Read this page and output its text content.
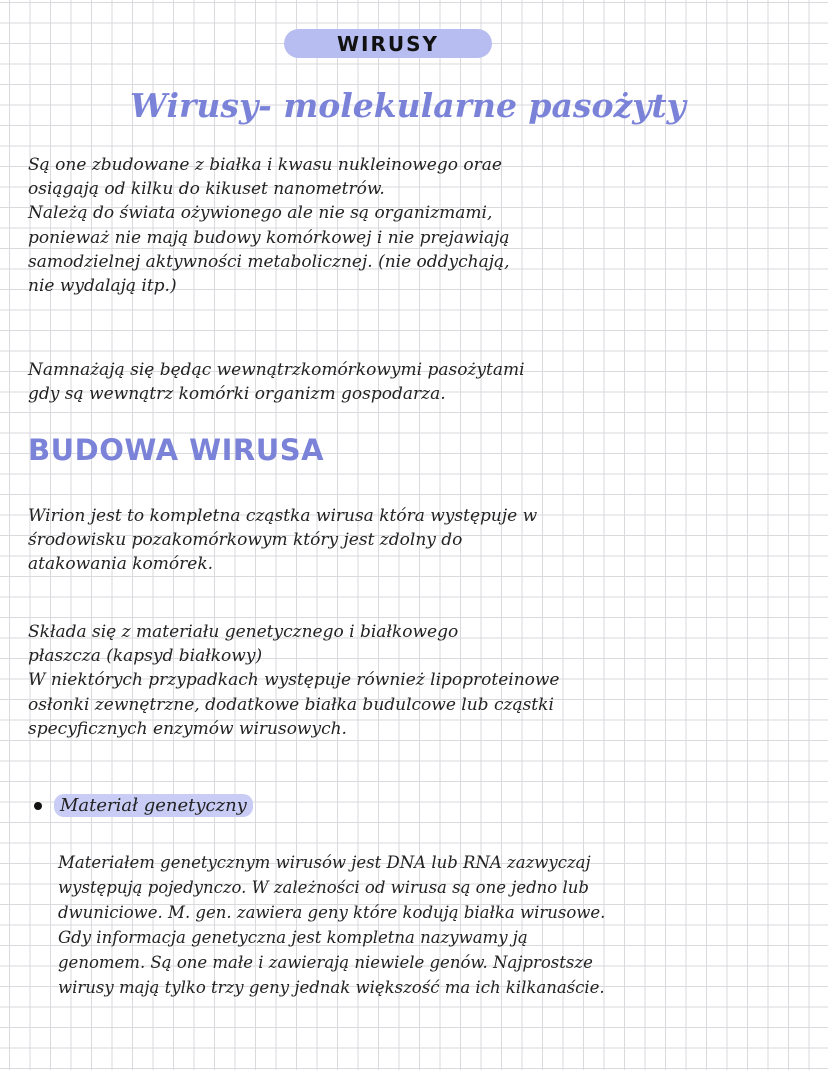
WIRUSY
Wirusy- molekularne pasożyty
Są one zbudowane z białka i kwasu nukleinowego orae
osiągają od kilku do kikuset nanometrów.
Należą do świata ożywionego ale nie są organizmami,
ponieważ nie mają budowy komórkowej i nie prejawiają
samodzielnej aktywności metabolicznej. (nie oddychają,
nie wydalają itp.)
Namnażają się będąc wewnątrzkomórkowymi pasożytami
gdy są wewnątrz komórki organizm gospodarza.
BUDOWA WIRUSA
Wirion jest to kompletna cząstka wirusa która występuje w
środowisku pozakomórkowym który jest zdolny do
atakowania komórek.
Składa się z materiału genetycznego i białkowego
płaszcza (kapsyd białkowy)
W niektórych przypadkach występuje również lipoproteinowe
osłonki zewnętrzne, dodatkowe białka budulcowe lub cząstki
specyficznych enzymów wirusowych.
Materiał genetyczny
Materiałem genetycznym wirusów jest DNA lub RNA zazwyczaj
występują pojedynczo. W zależności od wirusa są one jedno lub
dwuniciowe. M. gen. zawiera geny które kodują białka wirusowe.
Gdy informacja genetyczna jest kompletna nazywamy ją
genomem. Są one małe i zawierają niewiele genów. Najprostsze
wirusy mają tylko trzy geny jednak większość ma ich kilkanaście.
